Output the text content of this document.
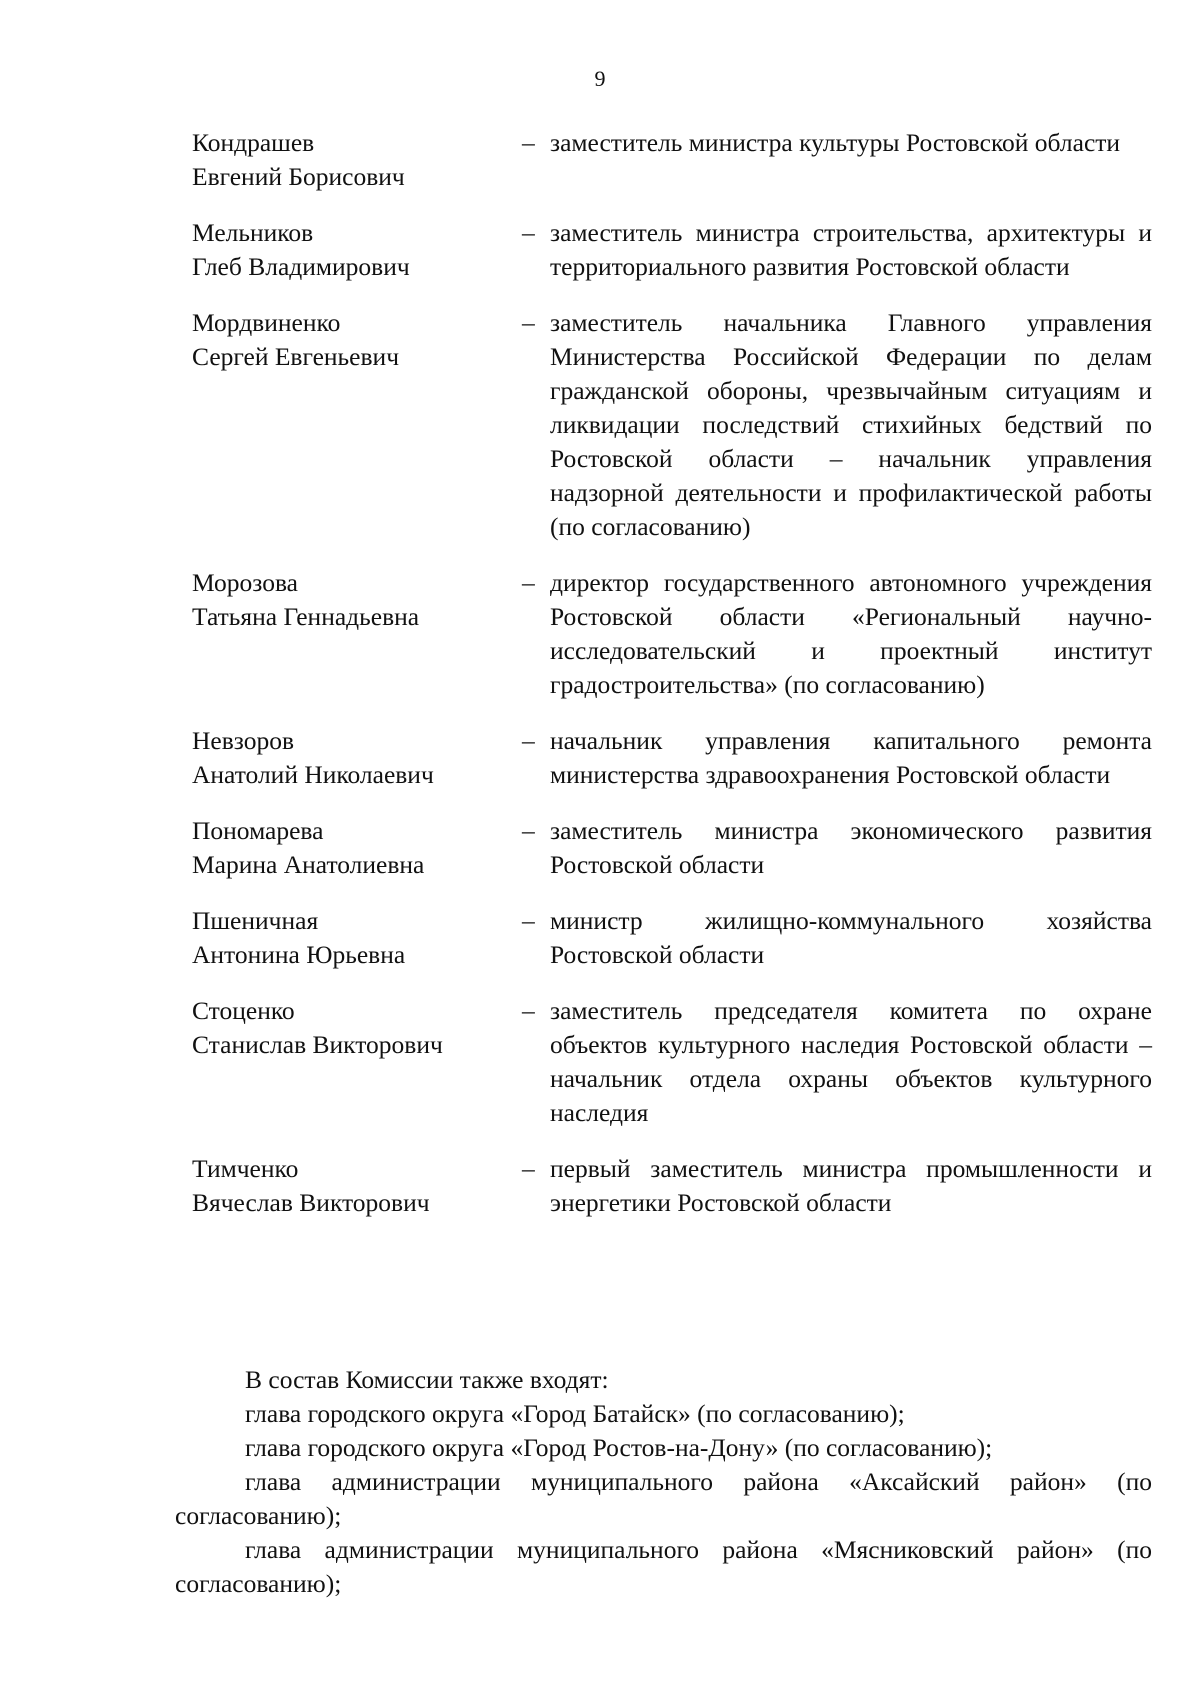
9
Кондрашев
Евгений Борисович
– заместитель министра культуры Ростовской области
Мельников
Глеб Владимирович
– заместитель министра строительства, архитектуры и территориального развития Ростовской области
Мордвиненко
Сергей Евгеньевич
– заместитель начальника Главного управления Министерства Российской Федерации по делам гражданской обороны, чрезвычайным ситуациям и ликвидации последствий стихийных бедствий по Ростовской области – начальник управления надзорной деятельности и профилактической работы (по согласованию)
Морозова
Татьяна Геннадьевна
– директор государственного автономного учреждения Ростовской области «Региональный научно-исследовательский и проектный институт градостроительства» (по согласованию)
Невзоров
Анатолий Николаевич
– начальник управления капитального ремонта министерства здравоохранения Ростовской области
Пономарева
Марина Анатолиевна
– заместитель министра экономического развития Ростовской области
Пшеничная
Антонина Юрьевна
– министр жилищно-коммунального хозяйства Ростовской области
Стоценко
Станислав Викторович
– заместитель председателя комитета по охране объектов культурного наследия Ростовской области – начальник отдела охраны объектов культурного наследия
Тимченко
Вячеслав Викторович
– первый заместитель министра промышленности и энергетики Ростовской области

В состав Комиссии также входят:

глава городского округа «Город Батайск» (по согласованию);

глава городского округа «Город Ростов-на-Дону» (по согласованию);

глава администрации муниципального района «Аксайский район» (по согласованию);

глава администрации муниципального района «Мясниковский район» (по согласованию);
